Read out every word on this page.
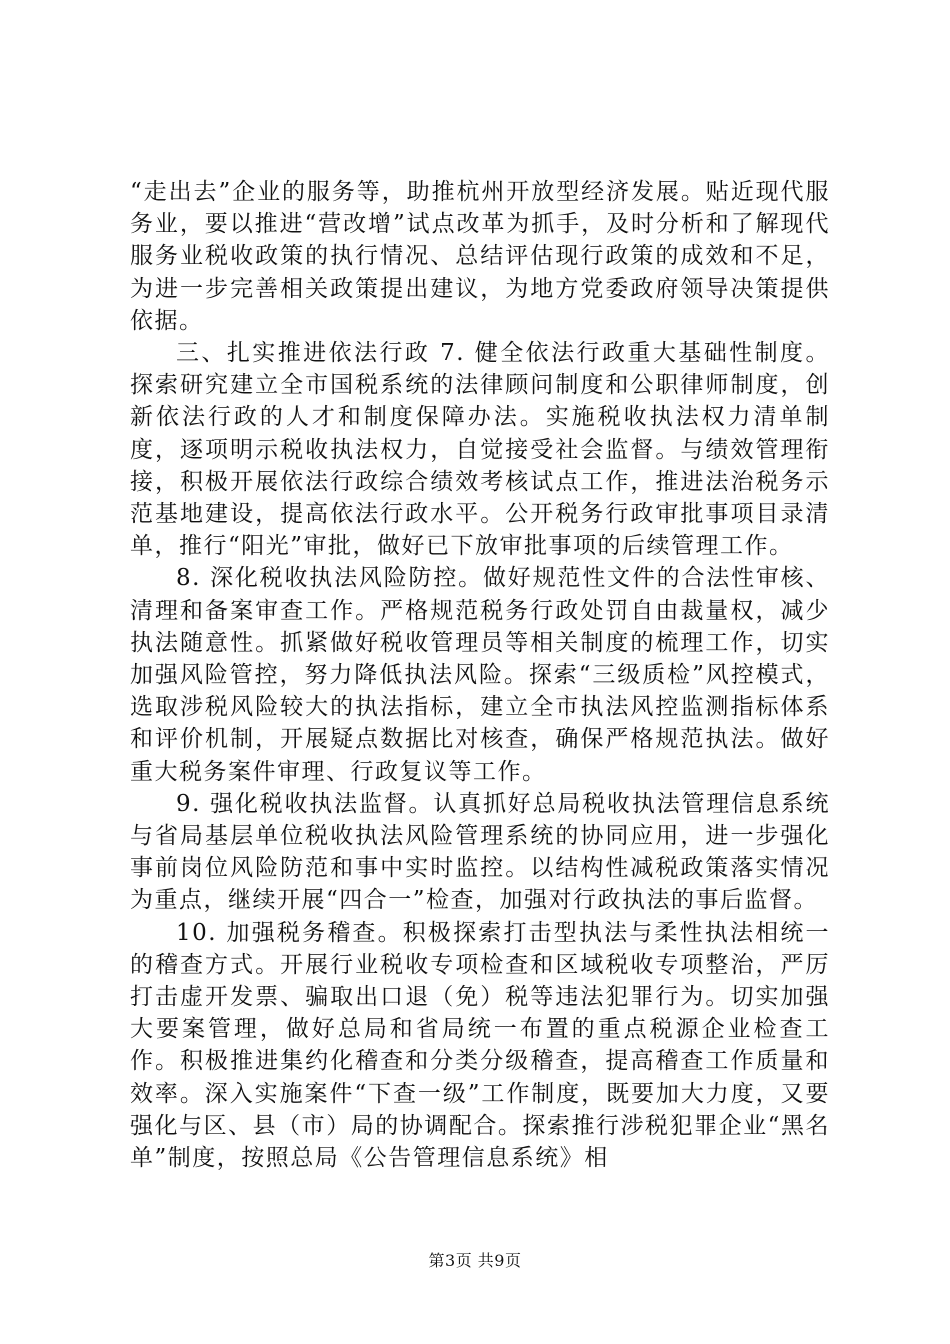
“走出去”企业的服务等，助推杭州开放型经济发展。贴近现代服务业，要以推进“营改增”试点改革为抓手，及时分析和了解现代服务业税收政策的执行情况、总结评估现行政策的成效和不足，为进一步完善相关政策提出建议，为地方党委政府领导决策提供依据。

三、扎实推进依法行政 7. 健全依法行政重大基础性制度。探索研究建立全市国税系统的法律顾问制度和公职律师制度，创新依法行政的人才和制度保障办法。实施税收执法权力清单制度，逐项明示税收执法权力，自觉接受社会监督。与绩效管理衔接，积极开展依法行政综合绩效考核试点工作，推进法治税务示范基地建设，提高依法行政水平。公开税务行政审批事项目录清单，推行“阳光”审批，做好已下放审批事项的后续管理工作。

8. 深化税收执法风险防控。做好规范性文件的合法性审核、清理和备案审查工作。严格规范税务行政处罚自由裁量权，减少执法随意性。抓紧做好税收管理员等相关制度的梳理工作，切实加强风险管控，努力降低执法风险。探索“三级质检”风控模式，选取涉税风险较大的执法指标，建立全市执法风控监测指标体系和评价机制，开展疑点数据比对核查，确保严格规范执法。做好重大税务案件审理、行政复议等工作。

9. 强化税收执法监督。认真抓好总局税收执法管理信息系统与省局基层单位税收执法风险管理系统的协同应用，进一步强化事前岗位风险防范和事中实时监控。以结构性减税政策落实情况为重点，继续开展“四合一”检查，加强对行政执法的事后监督。

10. 加强税务稽查。积极探索打击型执法与柔性执法相统一的稽查方式。开展行业税收专项检查和区域税收专项整治，严厉打击虚开发票、骗取出口退（免）税等违法犯罪行为。切实加强大要案管理，做好总局和省局统一布置的重点税源企业检查工作。积极推进集约化稽查和分类分级稽查，提高稽查工作质量和效率。深入实施案件“下查一级”工作制度，既要加大力度，又要强化与区、县（市）局的协调配合。探索推行涉税犯罪企业“黑名单”制度，按照总局《公告管理信息系统》相

第3页 共9页
